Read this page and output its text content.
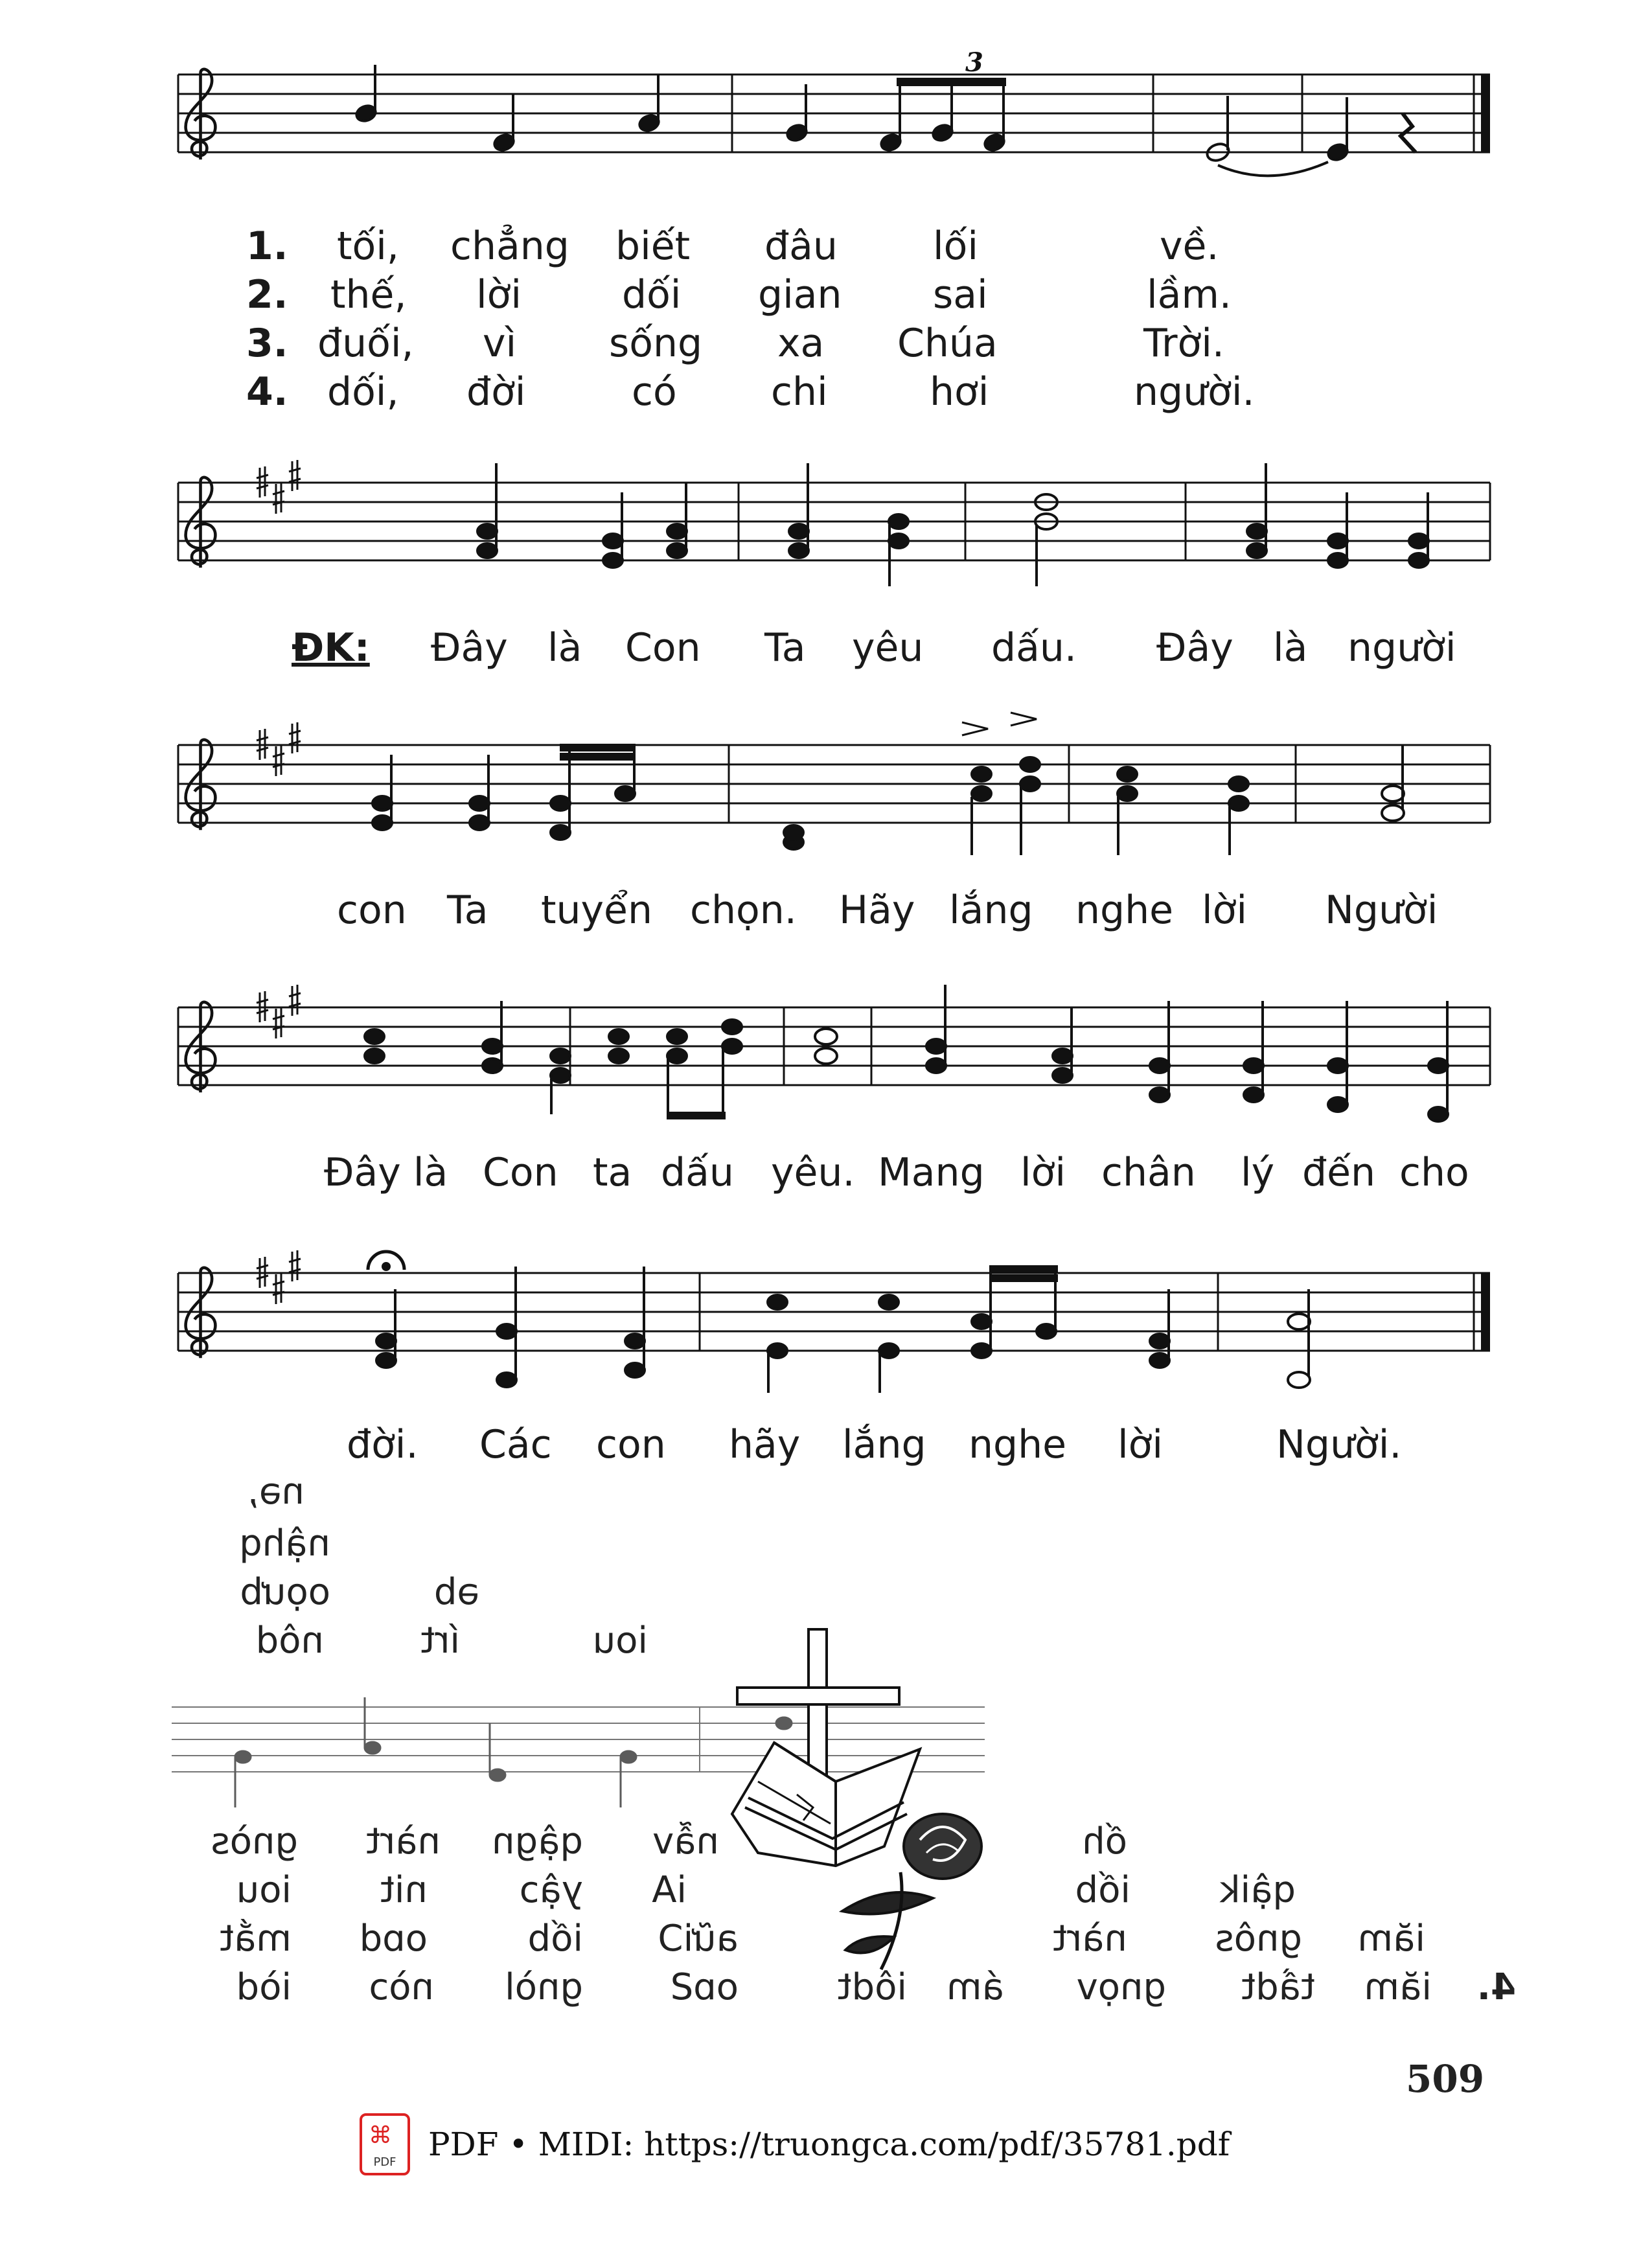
3
1. tối, chẳng biết đâu lối	về.
2. thế, lời	dối gian sai	lầm.
3. đuối, vì sống xa Chúa	Trời.
4. dối, đời	có chi	hơi	người.
ĐK: Đây là Con Ta yêu dấu. Đây là người
con Ta tuyển chọn. Hãy lắng nghe lời Người
Đây là Con ta dấu yêu. Mang lời chân lý đến cho
đời. Các con hãy lắng nghe lời	Người.
nə,
nậhq
oọưb	əb
nôd	írt	iou
gnòs nàrt qậgn nẫv	ốh
iou nit	yậɔ iA	iốb qậik
mắt oɒd	iốb aữiƆ	nàrt gnôs iăm
iòd nòɔ gnòl oɒƧ	iôdt ám gnọv tầdt iăm 4.
509
⌘
PDF PDF • MIDI: https://truongca.com/pdf/35781.pdf
